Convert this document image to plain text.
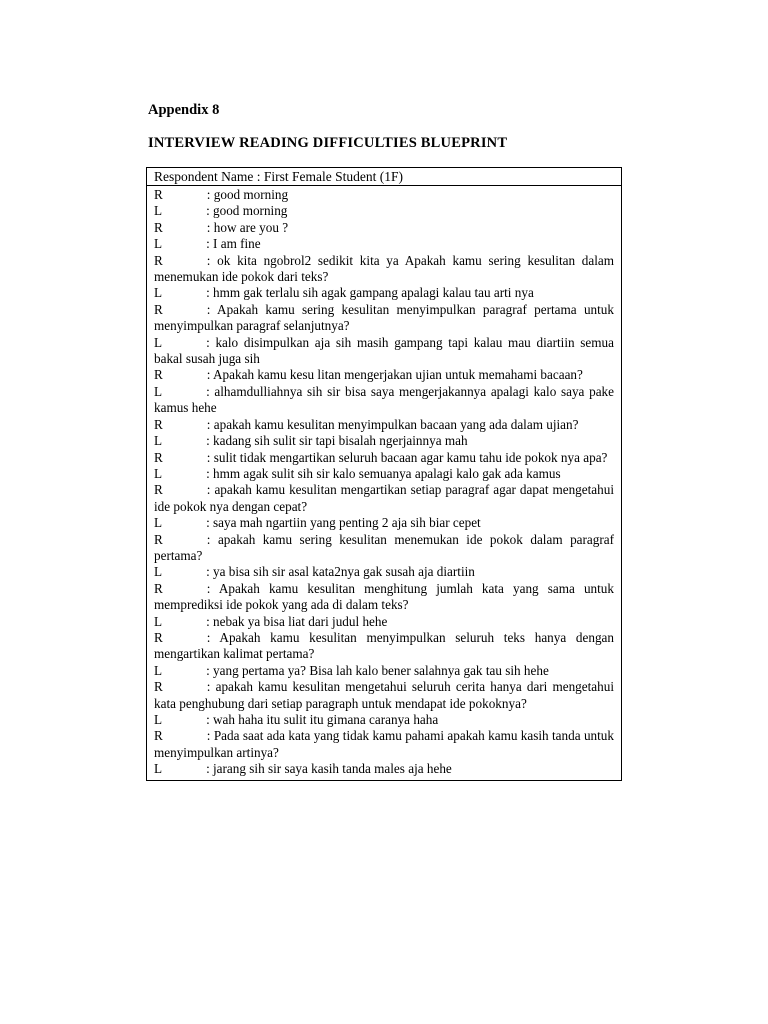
Appendix 8
INTERVIEW READING DIFFICULTIES BLUEPRINT
Respondent Name : First Female Student (1F)
R	: good morning
L	: good morning
R	: how are you ?
L	: I am fine
R	: ok kita ngobrol2 sedikit kita ya Apakah kamu sering kesulitan dalam menemukan ide pokok dari teks?
L	: hmm gak terlalu sih agak gampang apalagi kalau tau arti nya
R	: Apakah kamu sering kesulitan menyimpulkan paragraf pertama untuk menyimpulkan paragraf selanjutnya?
L	: kalo disimpulkan aja sih masih gampang tapi kalau mau diartiin semua bakal susah juga sih
R	: Apakah kamu kesu litan mengerjakan ujian untuk memahami bacaan?
L	: alhamdulliahnya sih sir bisa saya mengerjakannya apalagi kalo saya pake kamus hehe
R	: apakah kamu kesulitan menyimpulkan bacaan yang ada dalam ujian?
L	: kadang sih sulit sir tapi bisalah ngerjainnya mah
R	: sulit tidak mengartikan seluruh bacaan agar kamu tahu ide pokok nya apa?
L	: hmm agak sulit sih sir kalo semuanya apalagi kalo gak ada kamus
R	: apakah kamu kesulitan mengartikan setiap paragraf agar dapat mengetahui ide pokok nya dengan cepat?
L	: saya mah ngartiin yang penting 2 aja sih biar cepet
R	: apakah kamu sering kesulitan menemukan ide pokok dalam paragraf pertama?
L	: ya bisa sih sir asal kata2nya gak susah aja diartiin
R	: Apakah kamu kesulitan menghitung jumlah kata yang sama untuk memprediksi ide pokok yang ada di dalam teks?
L	: nebak ya bisa liat dari judul hehe
R	: Apakah kamu kesulitan menyimpulkan seluruh teks hanya dengan mengartikan kalimat pertama?
L	: yang pertama ya? Bisa lah kalo bener salahnya gak tau sih hehe
R	: apakah kamu kesulitan mengetahui seluruh cerita hanya dari mengetahui kata penghubung dari setiap paragraph untuk mendapat ide pokoknya?
L	: wah haha itu sulit itu gimana caranya haha
R	: Pada saat ada kata yang tidak kamu pahami apakah kamu kasih tanda untuk menyimpulkan artinya?
L	: jarang sih sir saya kasih tanda males aja hehe
